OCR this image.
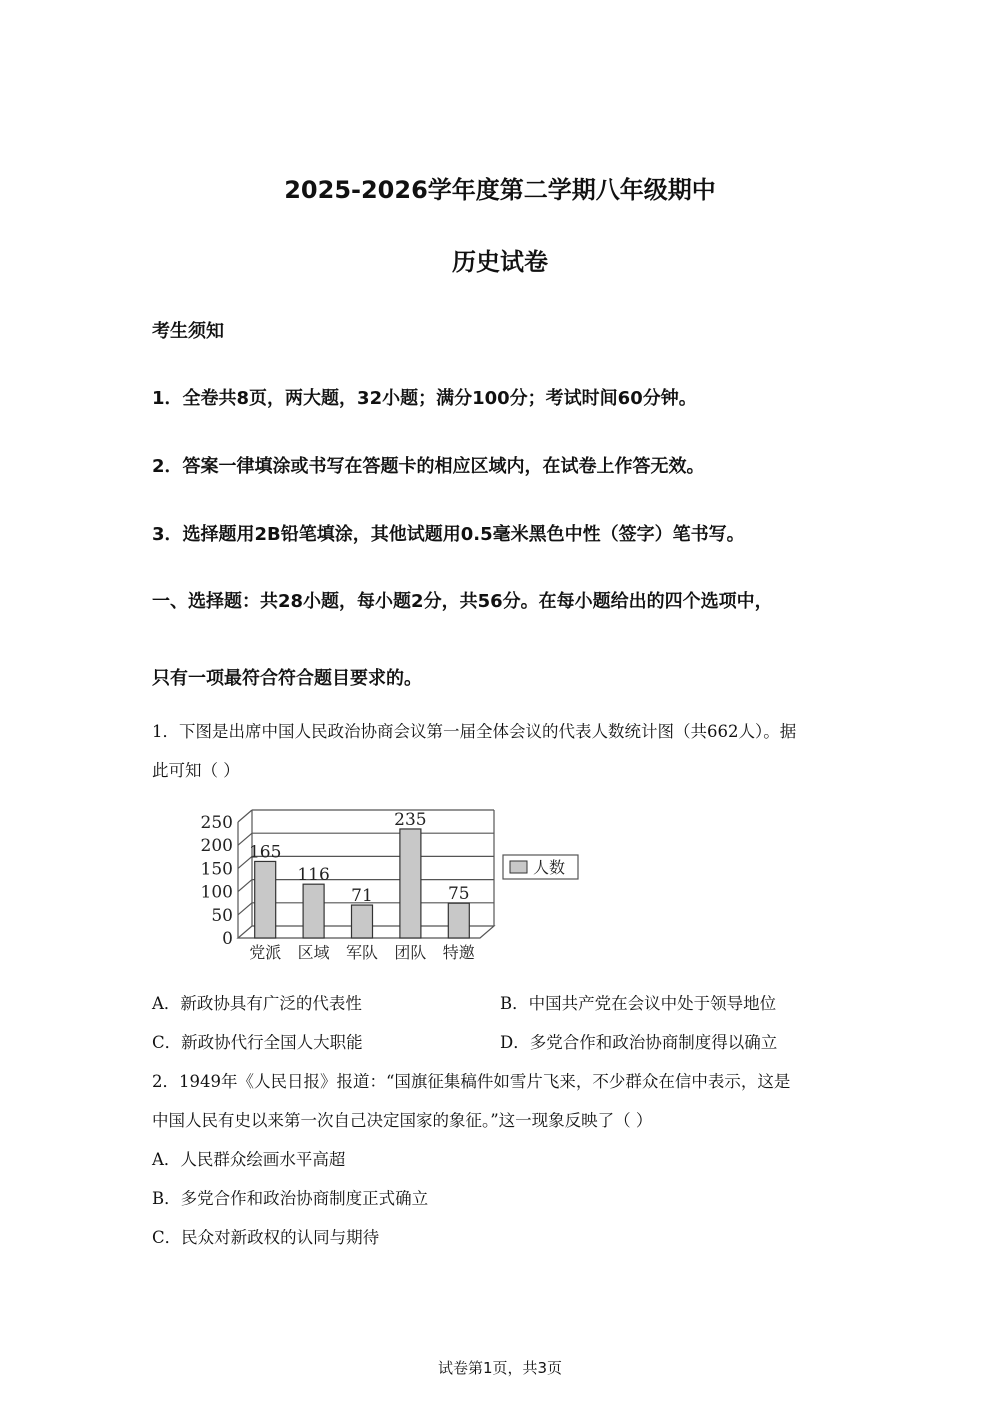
2025-2026学年度第二学期八年级期中
历史试卷
考生须知
1．全卷共8页，两大题，32小题；满分100分；考试时间60分钟。
2．答案一律填涂或书写在答题卡的相应区域内，在试卷上作答无效。
3．选择题用2B铅笔填涂，其他试题用0.5毫米黑色中性（签字）笔书写。
一、选择题：共28小题，每小题2分，共56分。在每小题给出的四个选项中，
只有一项最符合符合题目要求的。
1．下图是出席中国人民政治协商会议第一届全体会议的代表人数统计图（共662人）。据
此可知（ ）
0
50
100
150
200
250
165
党派
116
区域
71
军队
235
团队
75
特邀
人数
A．新政协具有广泛的代表性	B．中国共产党在会议中处于领导地位
C．新政协代行全国人大职能	D．多党合作和政治协商制度得以确立
2．1949年《人民日报》报道：“国旗征集稿件如雪片飞来，不少群众在信中表示，这是
中国人民有史以来第一次自己决定国家的象征。”这一现象反映了（ ）
A．人民群众绘画水平高超
B．多党合作和政治协商制度正式确立
C．民众对新政权的认同与期待
试卷第1页，共3页
